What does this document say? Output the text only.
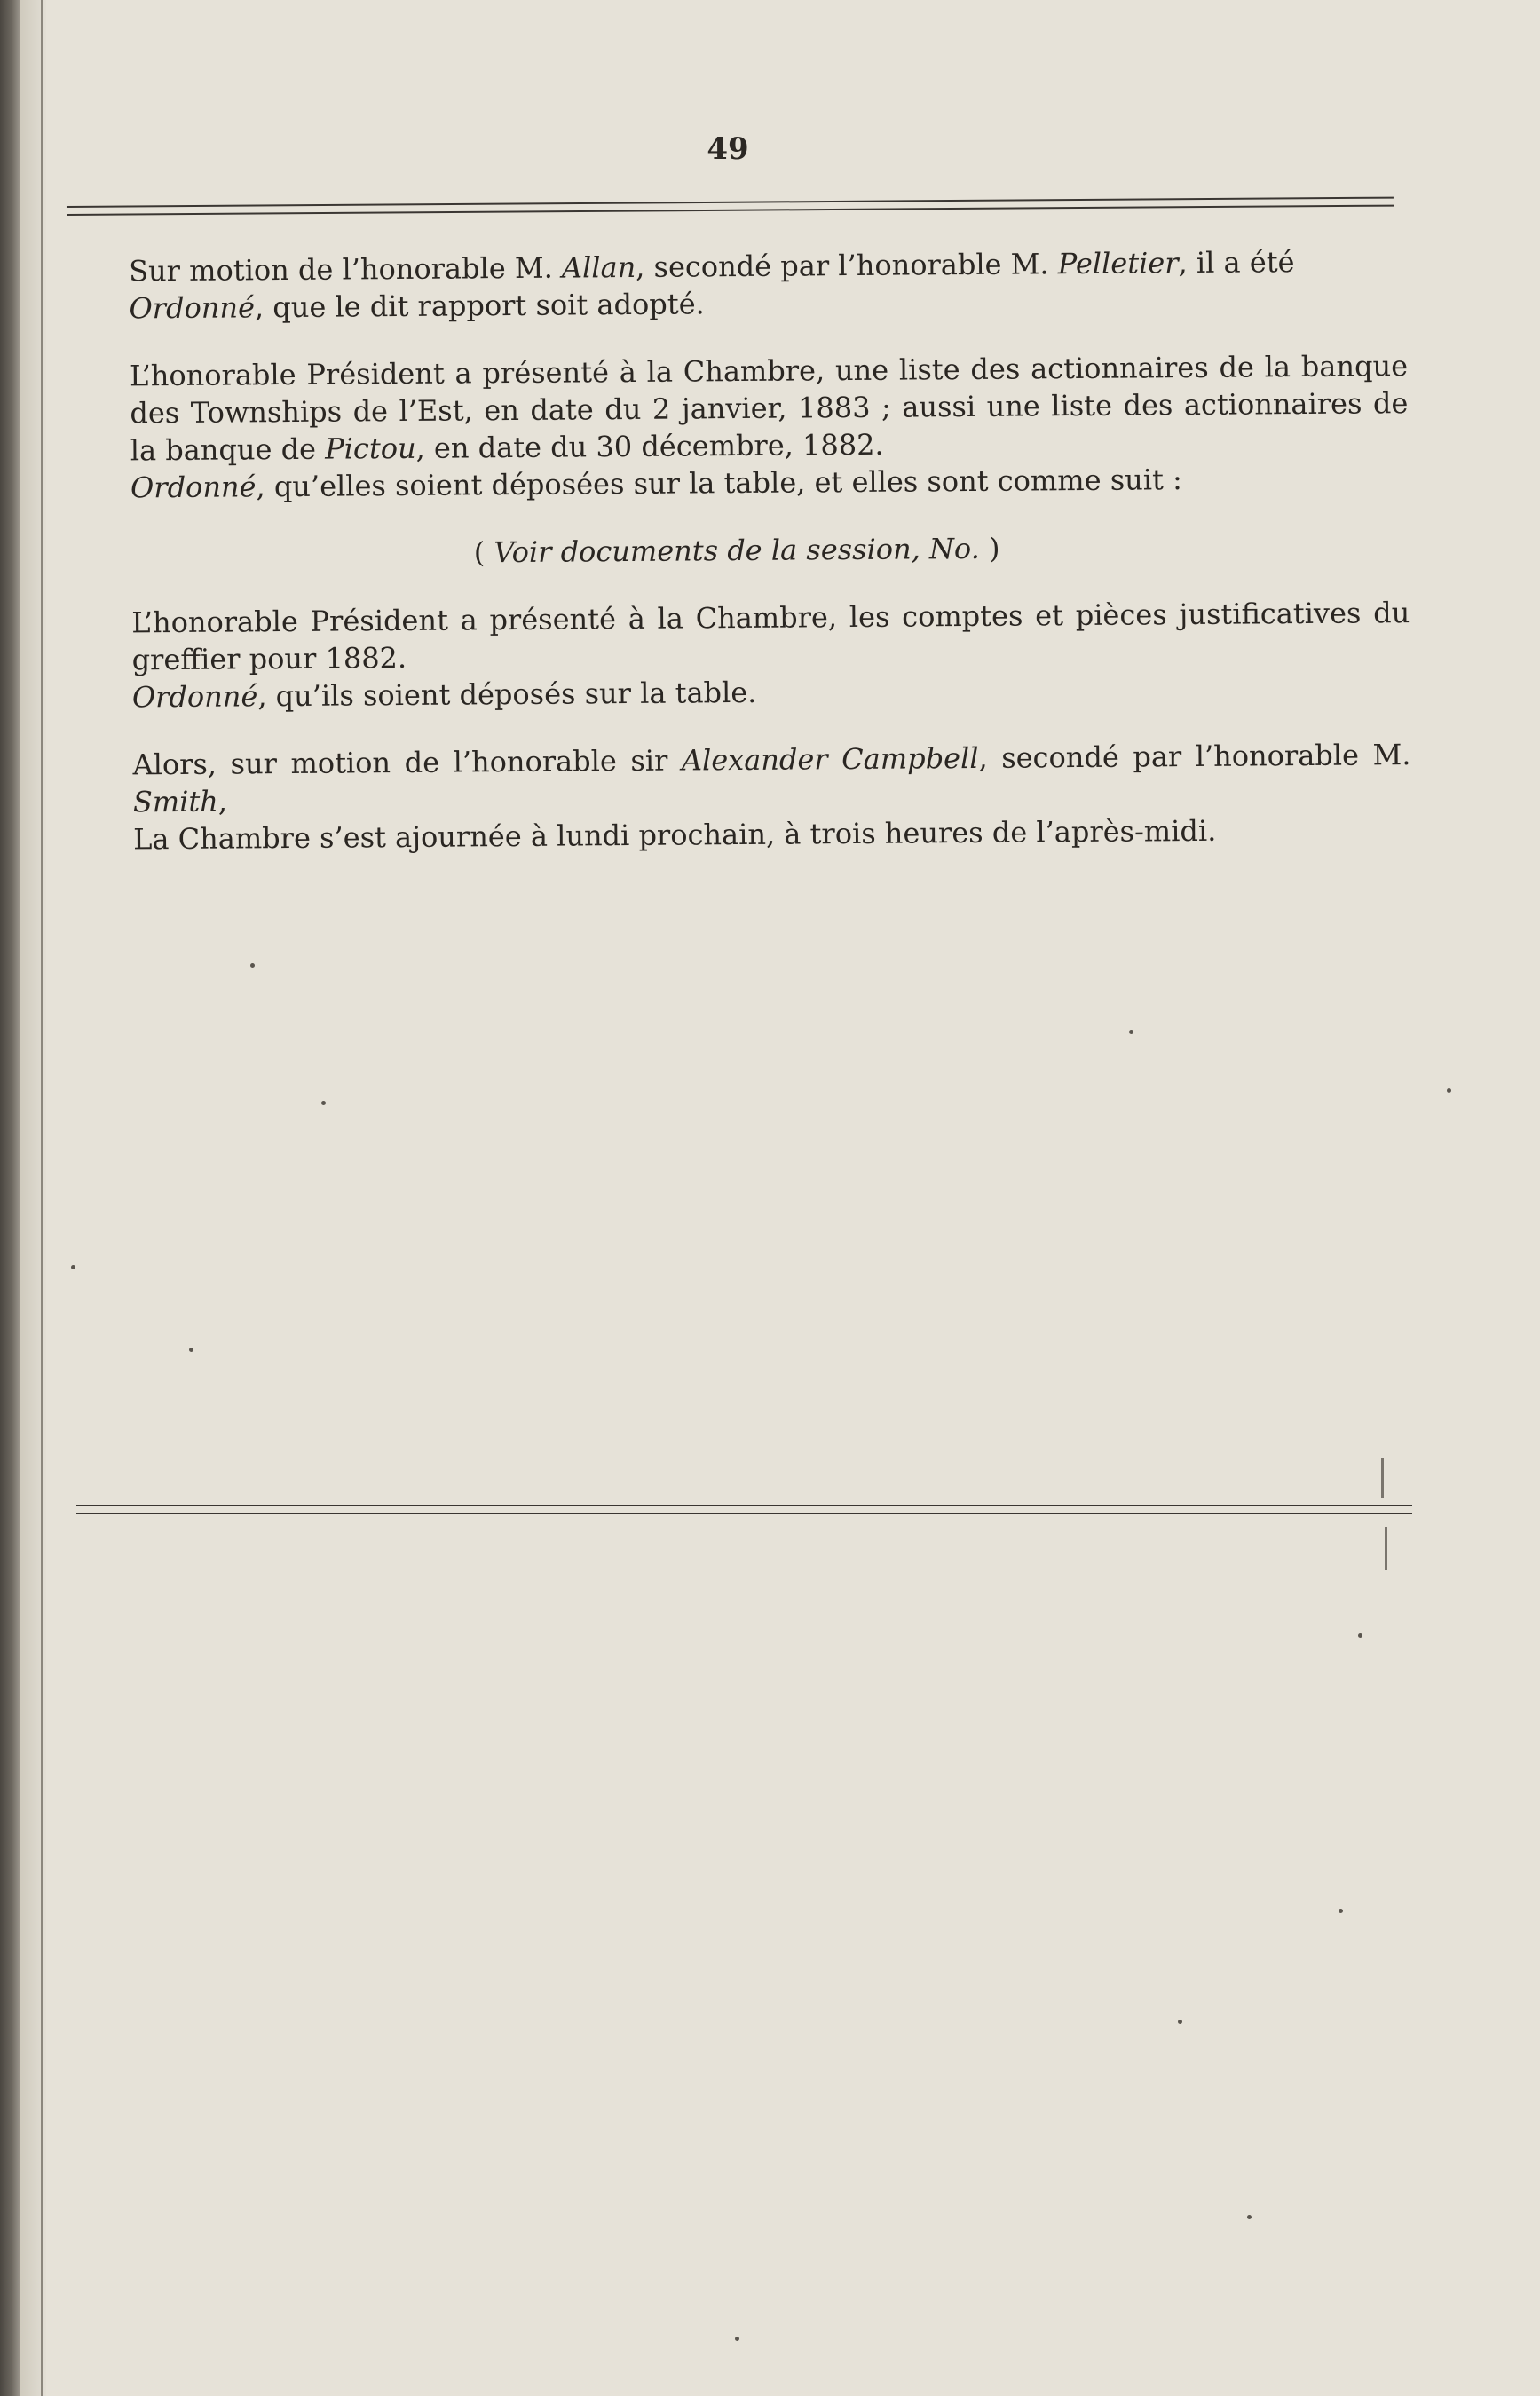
49

Sur motion de l’honorable M. Allan, secondé par l’honorable M. Pelletier, il a été

Ordonné, que le dit rapport soit adopté.

L’honorable Président a présenté à la Chambre, une liste des actionnaires de la banque des Townships de l’Est, en date du 2 janvier, 1883 ; aussi une liste des actionnaires de la banque de Pictou, en date du 30 décembre, 1882.

Ordonné, qu’elles soient déposées sur la table, et elles sont comme suit :

( Voir documents de la session, No. )

L’honorable Président a présenté à la Chambre, les comptes et pièces justificatives du greffier pour 1882.

Ordonné, qu’ils soient déposés sur la table.

Alors, sur motion de l’honorable sir Alexander Campbell, secondé par l’honorable M. Smith,

La Chambre s’est ajournée à lundi prochain, à trois heures de l’après-midi.
